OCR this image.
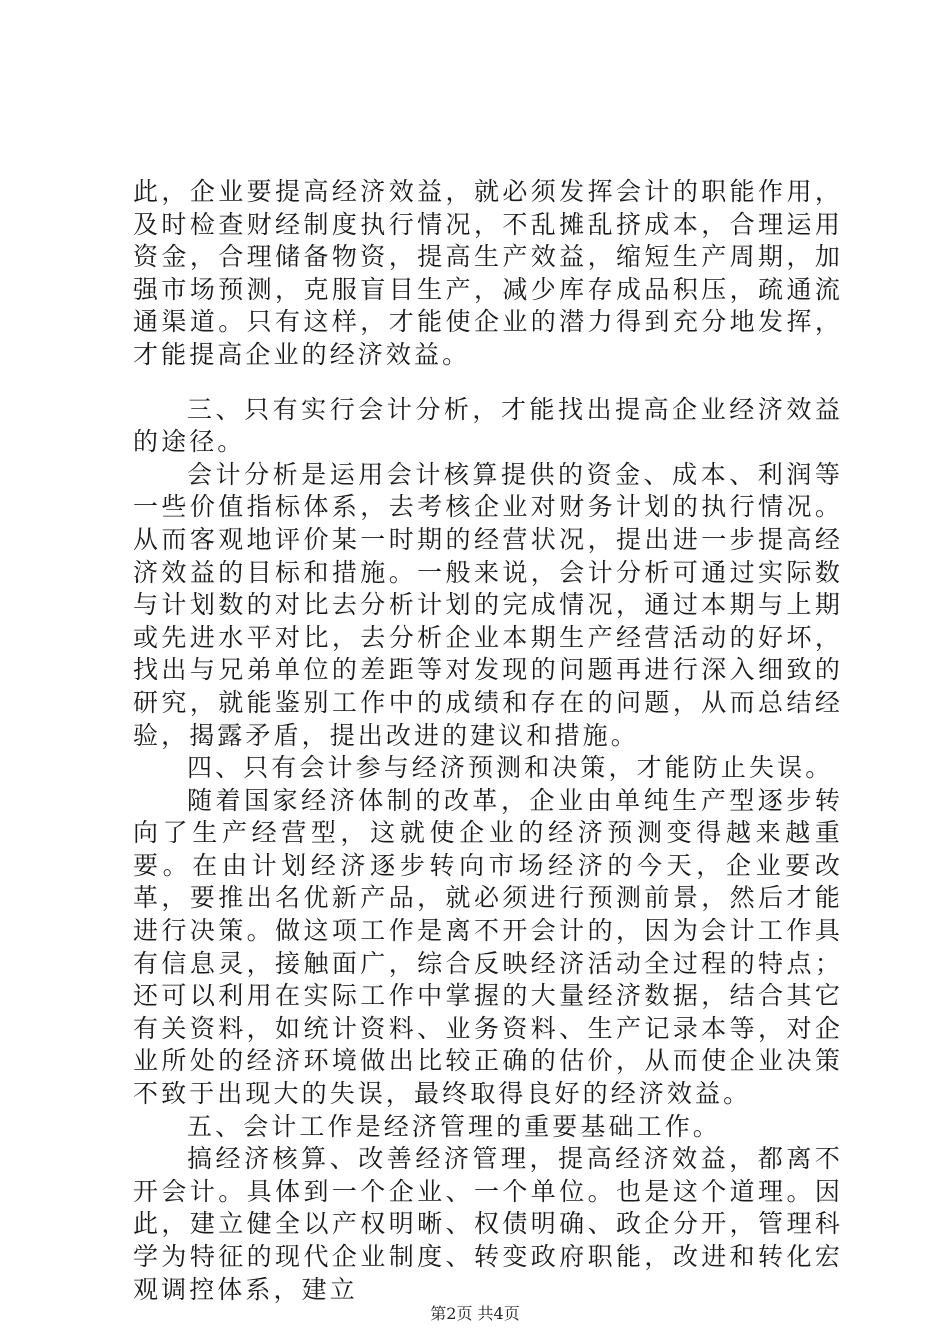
此，企业要提高经济效益，就必须发挥会计的职能作用，及时检查财经制度执行情况，不乱摊乱挤成本，合理运用资金，合理储备物资，提高生产效益，缩短生产周期，加强市场预测，克服盲目生产，减少库存成品积压，疏通流通渠道。只有这样，才能使企业的潜力得到充分地发挥，才能提高企业的经济效益。

三、只有实行会计分析，才能找出提高企业经济效益的途径。

会计分析是运用会计核算提供的资金、成本、利润等一些价值指标体系，去考核企业对财务计划的执行情况。从而客观地评价某一时期的经营状况，提出进一步提高经济效益的目标和措施。一般来说，会计分析可通过实际数与计划数的对比去分析计划的完成情况，通过本期与上期或先进水平对比，去分析企业本期生产经营活动的好坏，找出与兄弟单位的差距等对发现的问题再进行深入细致的研究，就能鉴别工作中的成绩和存在的问题，从而总结经验，揭露矛盾，提出改进的建议和措施。

四、只有会计参与经济预测和决策，才能防止失误。

随着国家经济体制的改革，企业由单纯生产型逐步转向了生产经营型，这就使企业的经济预测变得越来越重要。在由计划经济逐步转向市场经济的今天，企业要改革，要推出名优新产品，就必须进行预测前景，然后才能进行决策。做这项工作是离不开会计的，因为会计工作具有信息灵，接触面广，综合反映经济活动全过程的特点；还可以利用在实际工作中掌握的大量经济数据，结合其它有关资料，如统计资料、业务资料、生产记录本等，对企业所处的经济环境做出比较正确的估价，从而使企业决策不致于出现大的失误，最终取得良好的经济效益。

五、会计工作是经济管理的重要基础工作。

搞经济核算、改善经济管理，提高经济效益，都离不开会计。具体到一个企业、一个单位。也是这个道理。因此，建立健全以产权明晰、权债明确、政企分开，管理科学为特征的现代企业制度、转变政府职能，改进和转化宏观调控体系，建立

第2页 共4页
